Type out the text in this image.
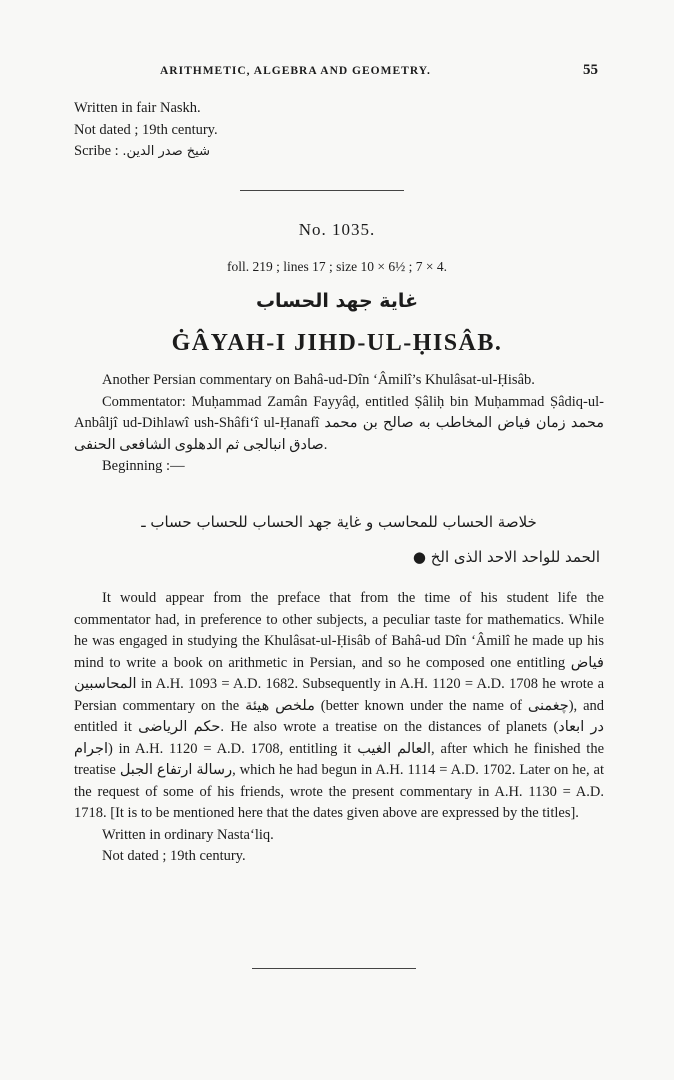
ARITHMETIC, ALGEBRA AND GEOMETRY.	55
Written in fair Naskh.
Not dated ; 19th century.
Scribe : شيخ صدر الدين.
No. 1035.
foll. 219 ; lines 17 ; size 10 × 6½ ; 7 × 4.
غاية جهد الحساب
ĠÂYAH-I JIHD-UL-ḤISÂB.
Another Persian commentary on Bahâ-ud-Dîn ‘Âmilî’s Khulâsat-ul-Ḥisâb.
Commentator: Muḥammad Zamân Fayyâḍ, entitled Ṣâliḥ bin Muḥammad Ṣâdiq-ul-Anbâljî ud-Dihlawî ush-Shâfi‘î ul-Ḥanafî محمد زمان فیاض المخاطب به صالح بن محمد صادق انبالجی ثم الدهلوی الشافعی الحنفی.
Beginning :—
خلاصة الحساب للمحاسب و غاية جهد الحساب للحساب حساب ـ
الحمد للواحد الاحد الذی الخ ●
It would appear from the preface that from the time of his student life the commentator had, in preference to other subjects, a peculiar taste for mathematics. While he was engaged in studying the Khulâsat-ul-Ḥisâb of Bahâ-ud Dîn ‘Âmilî he made up his mind to write a book on arithmetic in Persian, and so he composed one entitling فیاض المحاسبین in A.H. 1093 = A.D. 1682. Subsequently in A.H. 1120 = A.D. 1708 he wrote a Persian commentary on the ملخص هیئة (better known under the name of چغمنی), and entitled it حکم الرياضی. He also wrote a treatise on the distances of planets (در ابعاد اجرام) in A.H. 1120 = A.D. 1708, entitling it العالم الغيب, after which he finished the treatise رسالة ارتفاع الجبل, which he had begun in A.H. 1114 = A.D. 1702. Later on he, at the request of some of his friends, wrote the present commentary in A.H. 1130 = A.D. 1718. [It is to be mentioned here that the dates given above are expressed by the titles].
Written in ordinary Nasta‘liq.
Not dated ; 19th century.
